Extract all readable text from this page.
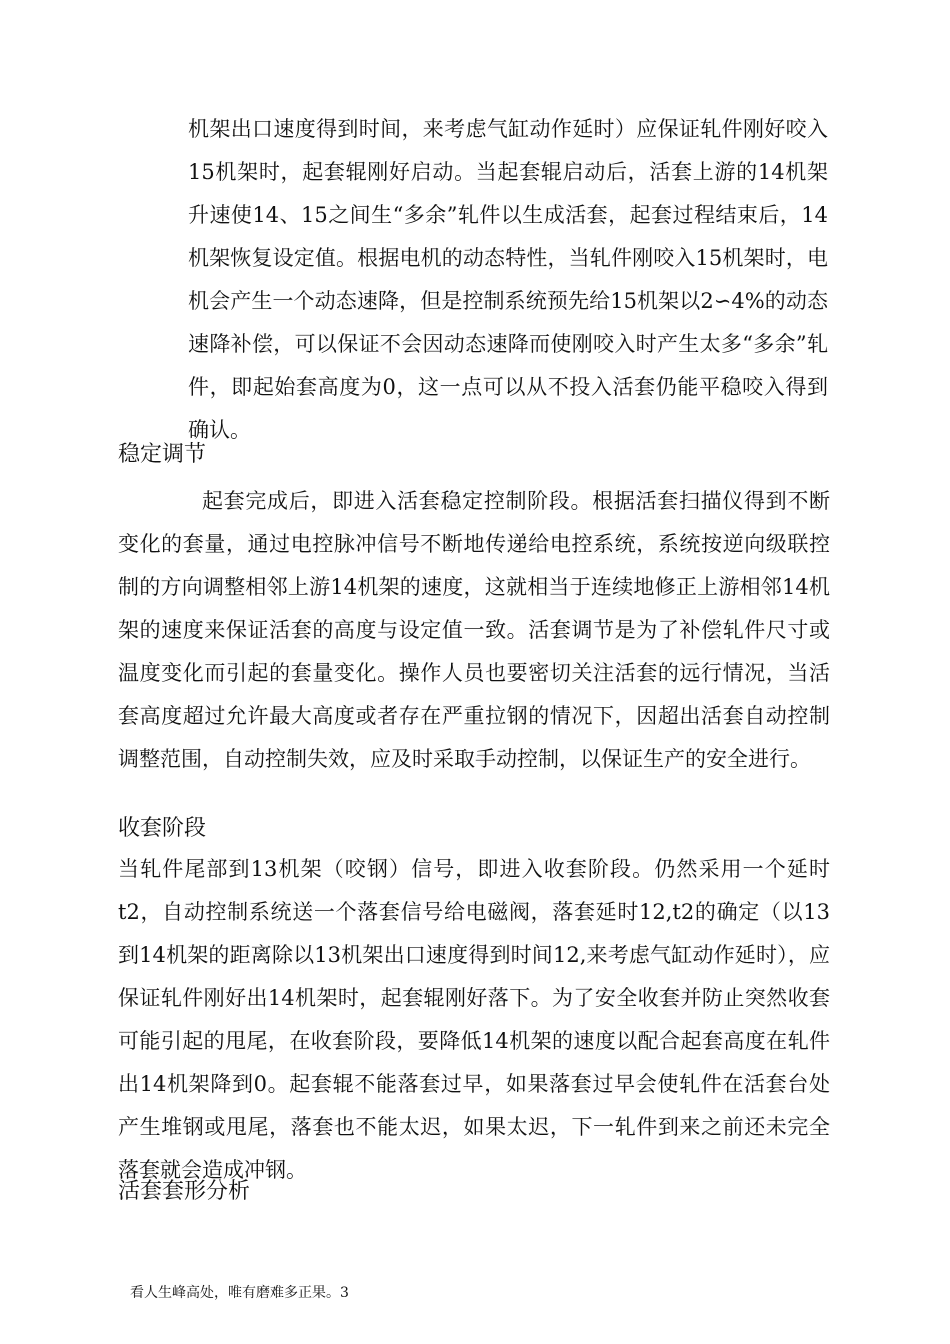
机架出口速度得到时间，来考虑气缸动作延时）应保证轧件刚好咬入15机架时，起套辊刚好启动。当起套辊启动后，活套上游的14机架升速使14、15之间生“多余”轧件以生成活套，起套过程结束后，14机架恢复设定值。根据电机的动态特性，当轧件刚咬入15机架时，电机会产生一个动态速降，但是控制系统预先给15机架以2∽4%的动态速降补偿，可以保证不会因动态速降而使刚咬入时产生太多“多余”轧件，即起始套高度为0，这一点可以从不投入活套仍能平稳咬入得到确认。

稳定调节

起套完成后，即进入活套稳定控制阶段。根据活套扫描仪得到不断变化的套量，通过电控脉冲信号不断地传递给电控系统，系统按逆向级联控制的方向调整相邻上游14机架的速度，这就相当于连续地修正上游相邻14机架的速度来保证活套的高度与设定值一致。活套调节是为了补偿轧件尺寸或温度变化而引起的套量变化。操作人员也要密切关注活套的远行情况，当活套高度超过允许最大高度或者存在严重拉钢的情况下，因超出活套自动控制调整范围，自动控制失效，应及时采取手动控制，以保证生产的安全进行。

收套阶段

当轧件尾部到13机架（咬钢）信号，即进入收套阶段。仍然采用一个延时t2，自动控制系统送一个落套信号给电磁阀，落套延时12,t2的确定（以13到14机架的距离除以13机架出口速度得到时间12,来考虑气缸动作延时），应保证轧件刚好出14机架时，起套辊刚好落下。为了安全收套并防止突然收套可能引起的甩尾，在收套阶段，要降低14机架的速度以配合起套高度在轧件出14机架降到0。起套辊不能落套过早，如果落套过早会使轧件在活套台处产生堆钢或甩尾，落套也不能太迟，如果太迟，下一轧件到来之前还未完全落套就会造成冲钢。

活套套形分析

看人生峰高处，唯有磨难多正果。3
